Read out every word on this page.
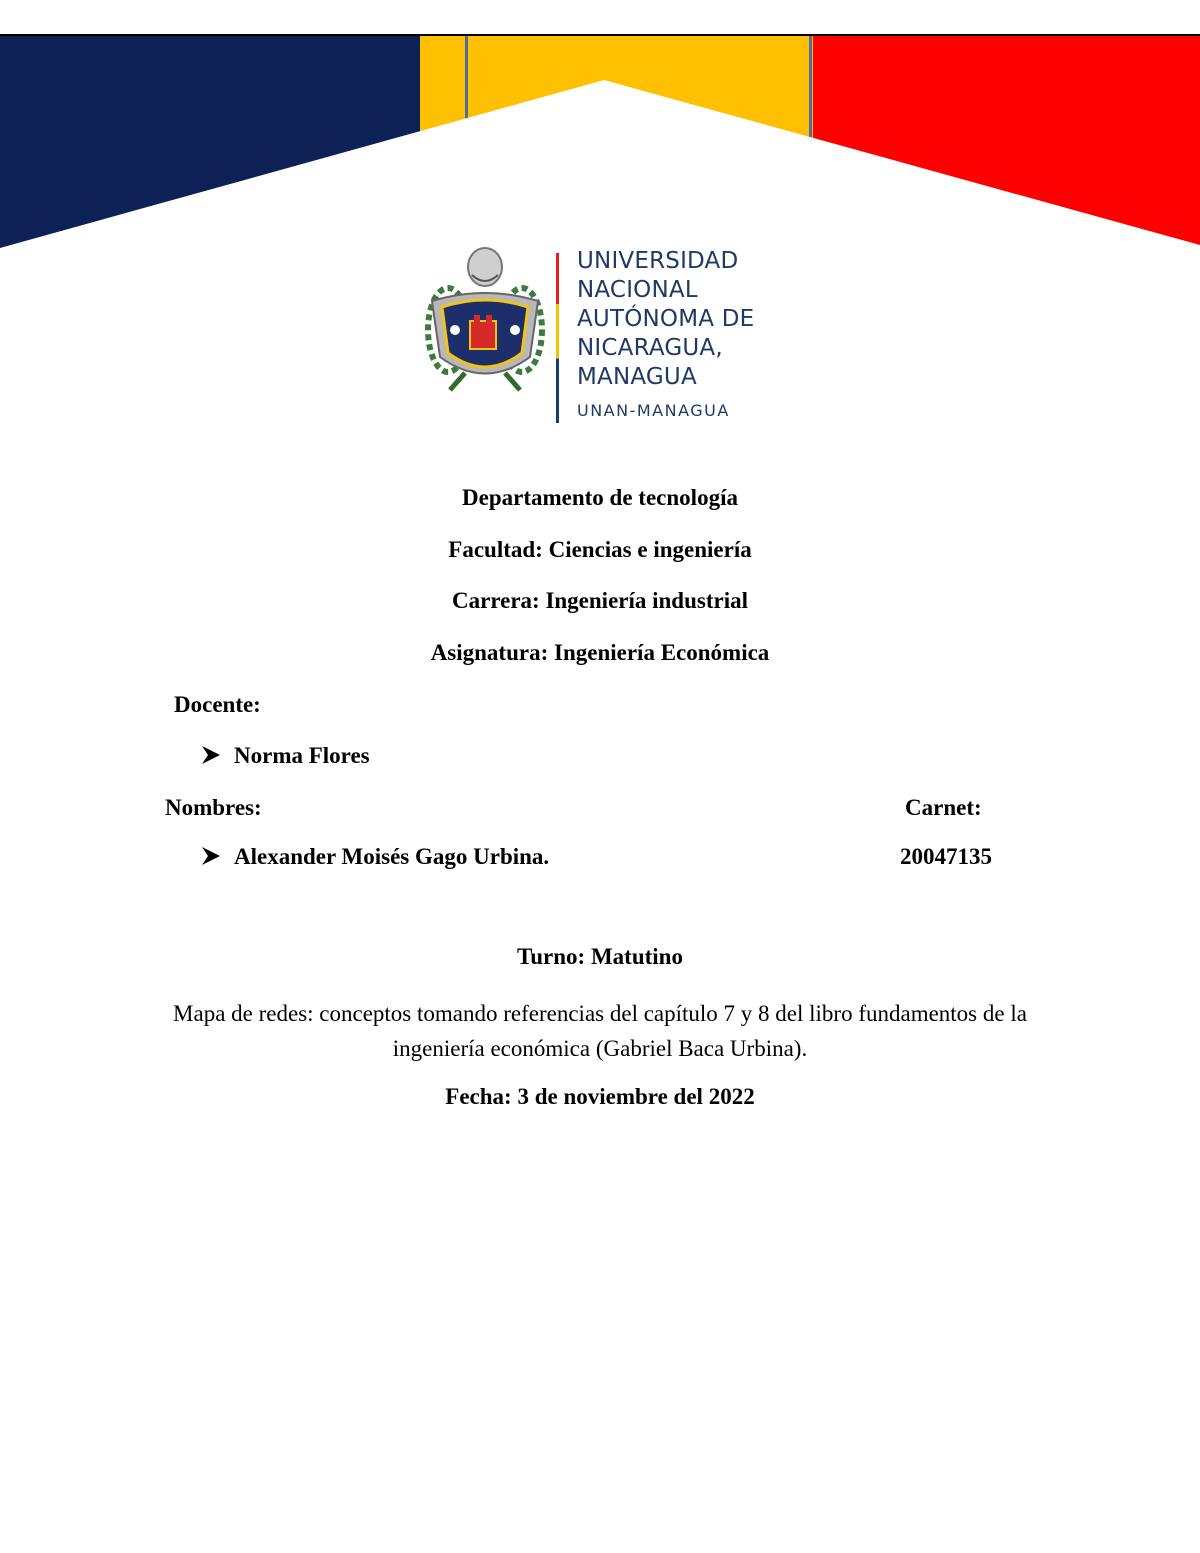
UNIVERSIDAD
NACIONAL
AUTÓNOMA DE
NICARAGUA,
MANAGUA
UNAN-MANAGUA
Departamento de tecnología
Facultad: Ciencias e ingeniería
Carrera: Ingeniería industrial
Asignatura: Ingeniería Económica
Docente:
Norma Flores
Nombres:	Carnet:
Alexander Moisés Gago Urbina.	20047135
Turno: Matutino
Mapa de redes: conceptos tomando referencias del capítulo 7 y 8 del libro fundamentos de la ingeniería económica (Gabriel Baca Urbina).
Fecha: 3 de noviembre del 2022
